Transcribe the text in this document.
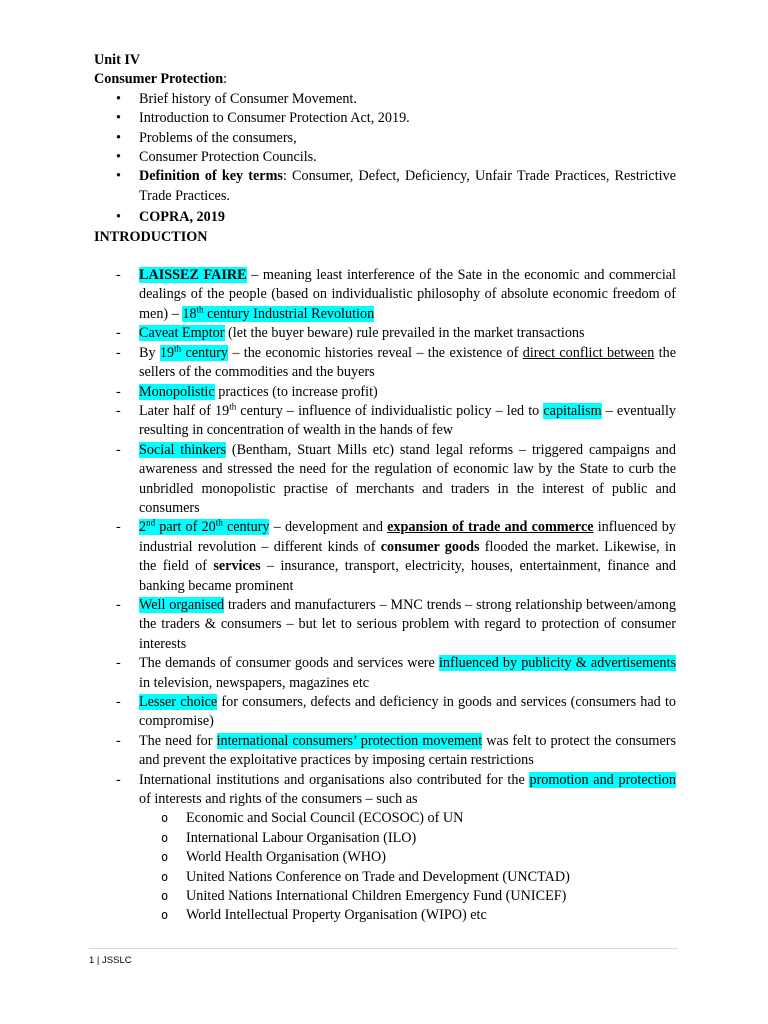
Unit IV
Consumer Protection:
• Brief history of Consumer Movement.
• Introduction to Consumer Protection Act, 2019.
• Problems of the consumers,
• Consumer Protection Councils.
• Definition of key terms: Consumer, Defect, Deficiency, Unfair Trade Practices, Restrictive Trade Practices.
• COPRA, 2019
INTRODUCTION
- LAISSEZ FAIRE – meaning least interference of the Sate in the economic and commercial dealings of the people (based on individualistic philosophy of absolute economic freedom of men) – 18th century Industrial Revolution
- Caveat Emptor (let the buyer beware) rule prevailed in the market transactions
- By 19th century – the economic histories reveal – the existence of direct conflict between the sellers of the commodities and the buyers
- Monopolistic practices (to increase profit)
- Later half of 19th century – influence of individualistic policy – led to capitalism – eventually resulting in concentration of wealth in the hands of few
- Social thinkers (Bentham, Stuart Mills etc) stand legal reforms – triggered campaigns and awareness and stressed the need for the regulation of economic law by the State to curb the unbridled monopolistic practise of merchants and traders in the interest of public and consumers
- 2nd part of 20th century – development and expansion of trade and commerce influenced by industrial revolution – different kinds of consumer goods flooded the market. Likewise, in the field of services – insurance, transport, electricity, houses, entertainment, finance and banking became prominent
- Well organised traders and manufacturers – MNC trends – strong relationship between/among the traders & consumers – but let to serious problem with regard to protection of consumer interests
- The demands of consumer goods and services were influenced by publicity & advertisements in television, newspapers, magazines etc
- Lesser choice for consumers, defects and deficiency in goods and services (consumers had to compromise)
- The need for international consumers’ protection movement was felt to protect the consumers and prevent the exploitative practices by imposing certain restrictions
- International institutions and organisations also contributed for the promotion and protection of interests and rights of the consumers – such as
o Economic and Social Council (ECOSOC) of UN
o International Labour Organisation (ILO)
o World Health Organisation (WHO)
o United Nations Conference on Trade and Development (UNCTAD)
o United Nations International Children Emergency Fund (UNICEF)
o World Intellectual Property Organisation (WIPO) etc
1 | JSSLC
